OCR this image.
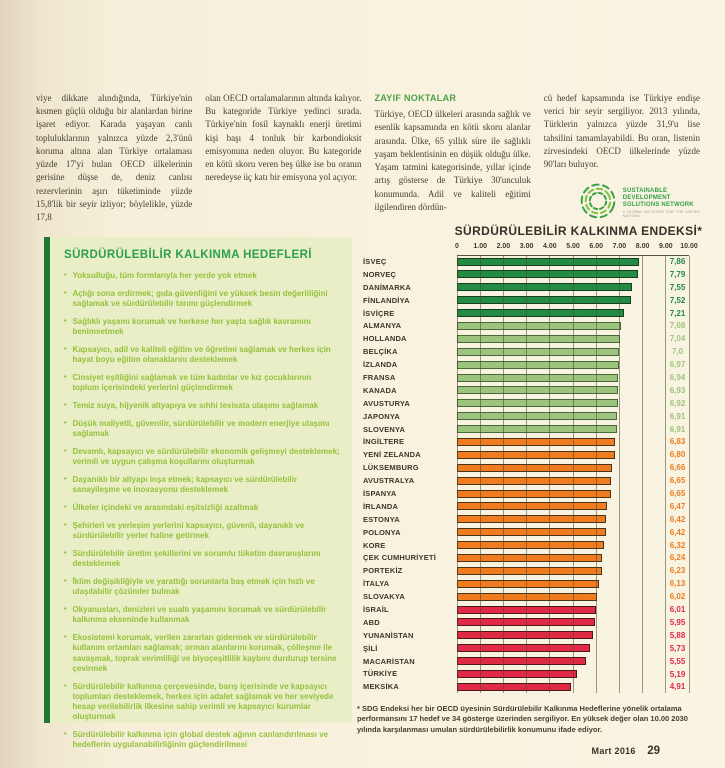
viye dikkate alındığında, Türkiye'nin kısmen güçlü olduğu bir alanlardan birine işaret ediyor. Karada yaşayan canlı topluluklarının yalnızca yüzde 2,3'ünü koruma altına alan Türkiye ortalaması yüzde 17'yi bulan OECD ülkelerinin gerisine düşse de, deniz canlısı rezervlerinin aşırı tüketiminde yüzde 15,8'lik bir seyir izliyor; böylelikle, yüzde 17,8
olan OECD ortalamalarının altında kalıyor. Bu kategoride Türkiye yedinci sırada. Türkiye'nin fosil kaynaklı enerji üretimi kişi başı 4 tonluk bir karbondioksit emisyonuna neden oluyor. Bu kategoride en kötü skoru veren beş ülke ise bu oranın neredeyse üç katı bir emisyona yol açıyor.
ZAYIF NOKTALAR
Türkiye, OECD ülkeleri arasında sağlık ve esenlik kapsamında en kötü skoru alanlar arasında. Ülke, 65 yıllık süre ile sağlıklı yaşam beklentisinin en düşük olduğu ülke. Yaşam tatmini kategorisinde, yıllar içinde artış gösterse de Türkiye 30'unculuk konumunda. Adil ve kaliteli eğitimi ilgilendiren dördün-
cü hedef kapsamında ise Türkiye endişe verici bir seyir sergiliyor. 2013 yılında, Türklerin yalnızca yüzde 31,9'u lise tahsilini tamamlayabildi. Bu oran, listenin zirvesindeki OECD ülkelerinde yüzde 90'ları buluyor.
SUSTAINABLE DEVELOPMENT
SOLUTIONS NETWORK
A GLOBAL INITIATIVE FOR THE UNITED NATIONS
SÜRDÜRÜLEBİLİR KALKINMA HEDEFLERİ
• Yoksulluğu, tüm formlarıyla her yerde yok etmek
• Açlığı sona erdirmek; gıda güvenliğini ve yüksek besin değerliliğini sağlamak ve sürdürülebilir tarımı güçlendirmek
• Sağlıklı yaşamı korumak ve herkese her yaşta sağlık kavramını benimsetmek
• Kapsayıcı, adil ve kaliteli eğitim ve öğretimi sağlamak ve herkes için hayat boyu eğitim olanaklarını desteklemek
• Cinsiyet eşitliğini sağlamak ve tüm kadınlar ve kız çocuklarının toplum içerisindeki yerlerini güçlendirmek
• Temiz suya, hijyenik altyapıya ve sıhhi tesisata ulaşımı sağlamak
• Düşük maliyetli, güvenilir, sürdürülebilir ve modern enerjiye ulaşımı sağlamak
• Devamlı, kapsayıcı ve sürdürülebilir ekonomik gelişmeyi desteklemek; verimli ve uygun çalışma koşullarını oluşturmak
• Dayanıklı bir altyapı inşa etmek; kapsayıcı ve sürdürülebilir sanayileşme ve inovasyonu desteklemek
• Ülkeler içindeki ve arasındaki eşitsizliği azaltmak
• Şehirleri ve yerleşim yerlerini kapsayıcı, güvenli, dayanıklı ve sürdürülebilir yerler haline getirmek
• Sürdürülebilir üretim şekillerini ve sorumlu tüketim davranışlarını desteklemek
• İklim değişikliğiyle ve yarattığı sorunlarla baş etmek için hızlı ve ulaşılabilir çözümler bulmak
• Okyanusları, denizleri ve sualtı yaşamını korumak ve sürdürülebilir kalkınma ekseninde kullanmak
• Ekosistemi korumak, verilen zararları gidermek ve sürdürülebilir kullanım ortamları sağlamak; orman alanlarını korumak, çölleşme ile savaşmak, toprak verimliliği ve biyoçeşitlilik kaybını durdurup tersine çevirmek
• Sürdürülebilir kalkınma çerçevesinde, barış içerisinde ve kapsayıcı toplumları desteklemek, herkes için adalet sağlamak ve her seviyede hesap verilebilirlik ilkesine sahip verimli ve kapsayıcı kurumlar oluşturmak
• Sürdürülebilir kalkınma için global destek ağının canlandırılması ve hedeflerin uygulanabilirliğinin güçlendirilmesi
SÜRDÜRÜLEBİLİR KALKINMA ENDEKSİ*
0 1.00 2.00 3.00 4.00 5.00 6.00 7.00 8.00 9.00 10.00
İSVEÇ	7,86
NORVEÇ	7,79
DANİMARKA	7,55
FİNLANDİYA	7,52
İSVİÇRE	7,21
ALMANYA	7,08
HOLLANDA	7,04
BELÇİKA	7,0
İZLANDA	6,97
FRANSA	6,94
KANADA	6,93
AVUSTURYA	6,92
JAPONYA	6,91
SLOVENYA	6,91
İNGİLTERE	6,83
YENİ ZELANDA	6,80
LÜKSEMBURG	6,66
AVUSTRALYA	6,65
İSPANYA	6,65
İRLANDA	6,47
ESTONYA	6,42
POLONYA	6,42
KORE	6,32
ÇEK CUMHURİYETİ	6,24
PORTEKİZ	6,23
İTALYA	6,13
SLOVAKYA	6,02
İSRAİL	6,01
ABD	5,95
YUNANİSTAN	5,88
ŞİLİ	5,73
MACARİSTAN	5,55
TÜRKİYE	5,19
MEKSİKA	4,91
* SDG Endeksi her bir OECD üyesinin Sürdürülebilir Kalkınma Hedeflerine yönelik ortalama performansını 17 hedef ve 34 gösterge üzerinden sergiliyor. En yüksek değer olan 10.00 2030 yılında karşılanması umulan sürdürülebilirlik konumunu ifade ediyor.
Mart 2016 29
